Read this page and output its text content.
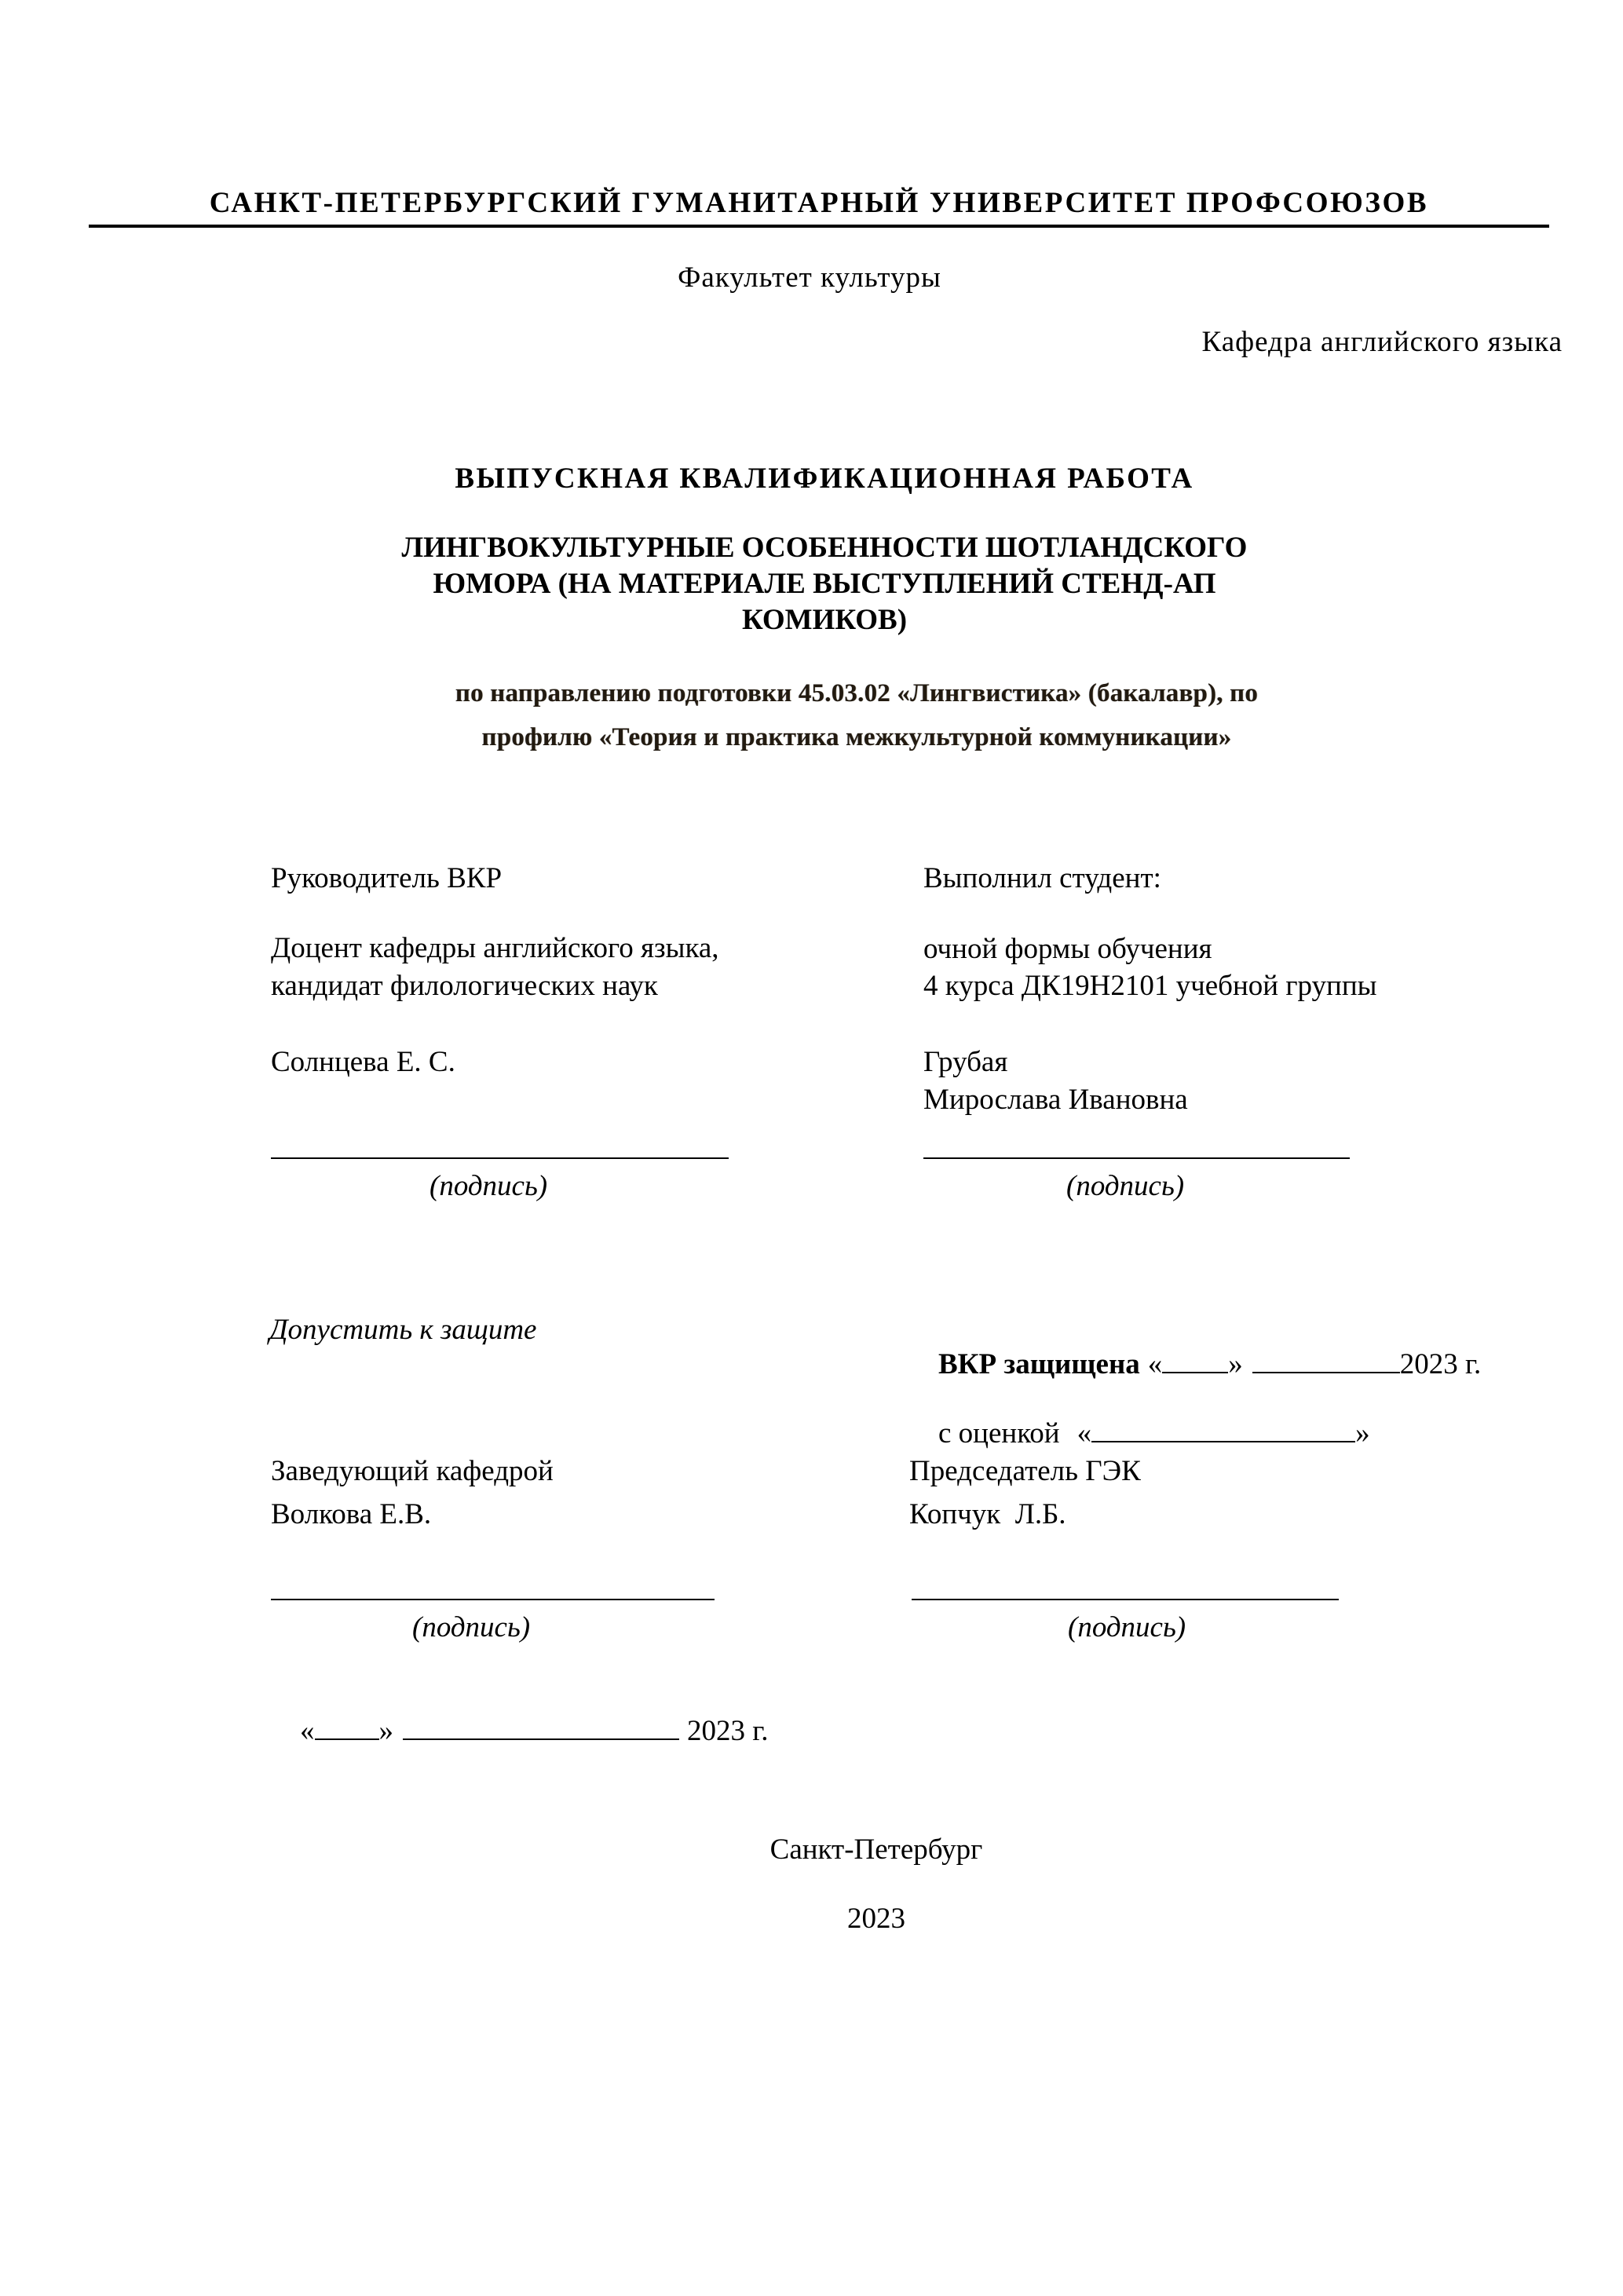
САНКТ-ПЕТЕРБУРГСКИЙ ГУМАНИТАРНЫЙ УНИВЕРСИТЕТ ПРОФСОЮЗОВ
Факультет культуры
Кафедра английского языка
ВЫПУСКНАЯ КВАЛИФИКАЦИОННАЯ РАБОТА
ЛИНГВОКУЛЬТУРНЫЕ ОСОБЕННОСТИ ШОТЛАНДСКОГО
ЮМОРА (НА МАТЕРИАЛЕ ВЫСТУПЛЕНИЙ СТЕНД-АП
КОМИКОВ)
по направлению подготовки 45.03.02 «Лингвистика» (бакалавр), по
профилю «Теория и практика межкультурной коммуникации»
Руководитель ВКР
Доцент кафедры английского языка,
кандидат филологических наук
Солнцева Е. С.
(подпись)
Выполнил студент:
очной формы обучения
4 курса ДК19Н2101 учебной группы
Грубая
Мирослава Ивановна
(подпись)
Допустить к защите
Заведующий кафедрой
Волкова Е.В.
(подпись)

« »	2023 г.

ВКР защищена « »	2023 г.

с оценкой «	»

Председатель ГЭК
Копчук  Л.Б.
(подпись)
Санкт-Петербург
2023
